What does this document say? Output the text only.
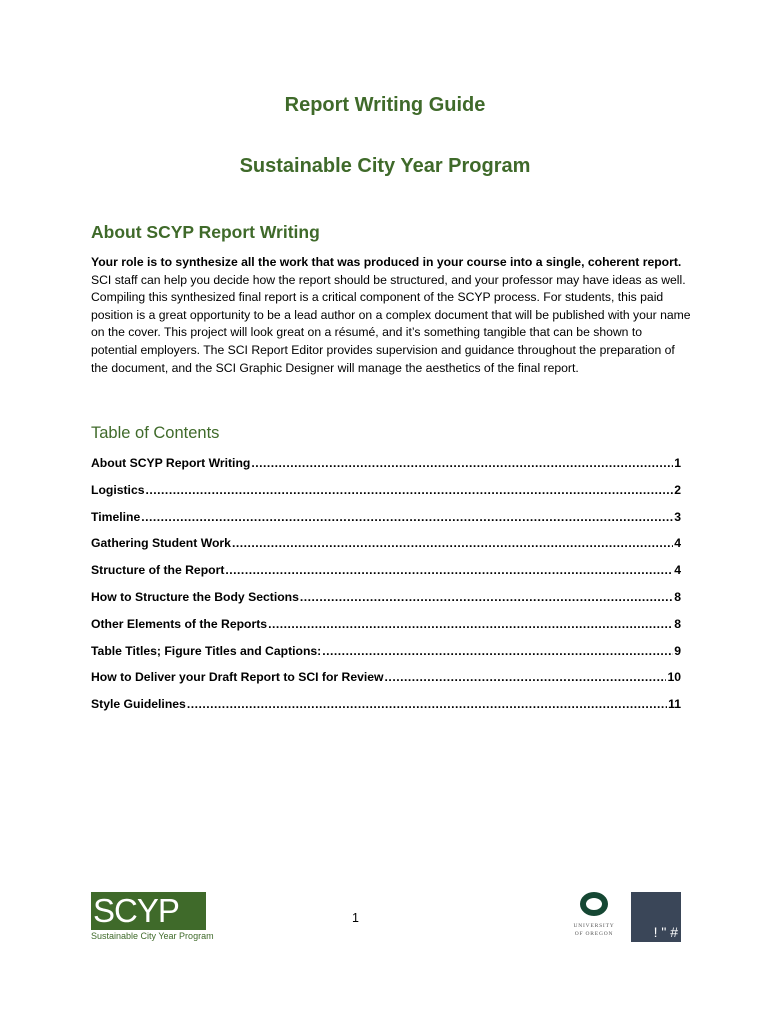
Report Writing Guide
Sustainable City Year Program
About SCYP Report Writing
Your role is to synthesize all the work that was produced in your course into a single, coherent report. SCI staff can help you decide how the report should be structured, and your professor may have ideas as well. Compiling this synthesized final report is a critical component of the SCYP process. For students, this paid position is a great opportunity to be a lead author on a complex document that will be published with your name on the cover. This project will look great on a résumé, and it’s something tangible that can be shown to potential employers. The SCI Report Editor provides supervision and guidance throughout the preparation of the document, and the SCI Graphic Designer will manage the aesthetics of the final report.
Table of Contents
About SCYP Report Writing .....	1
Logistics .....	2
Timeline .....	3
Gathering Student Work .....	4
Structure of the Report .....	4
How to Structure the Body Sections .....	8
Other Elements of the Reports .....	8
Table Titles; Figure Titles and Captions: .....	9
How to Deliver your Draft Report to SCI for Review .....	10
Style Guidelines .....	11
SCYP
Sustainable City Year Program
1
UNIVERSITY
OF OREGON	! " #
